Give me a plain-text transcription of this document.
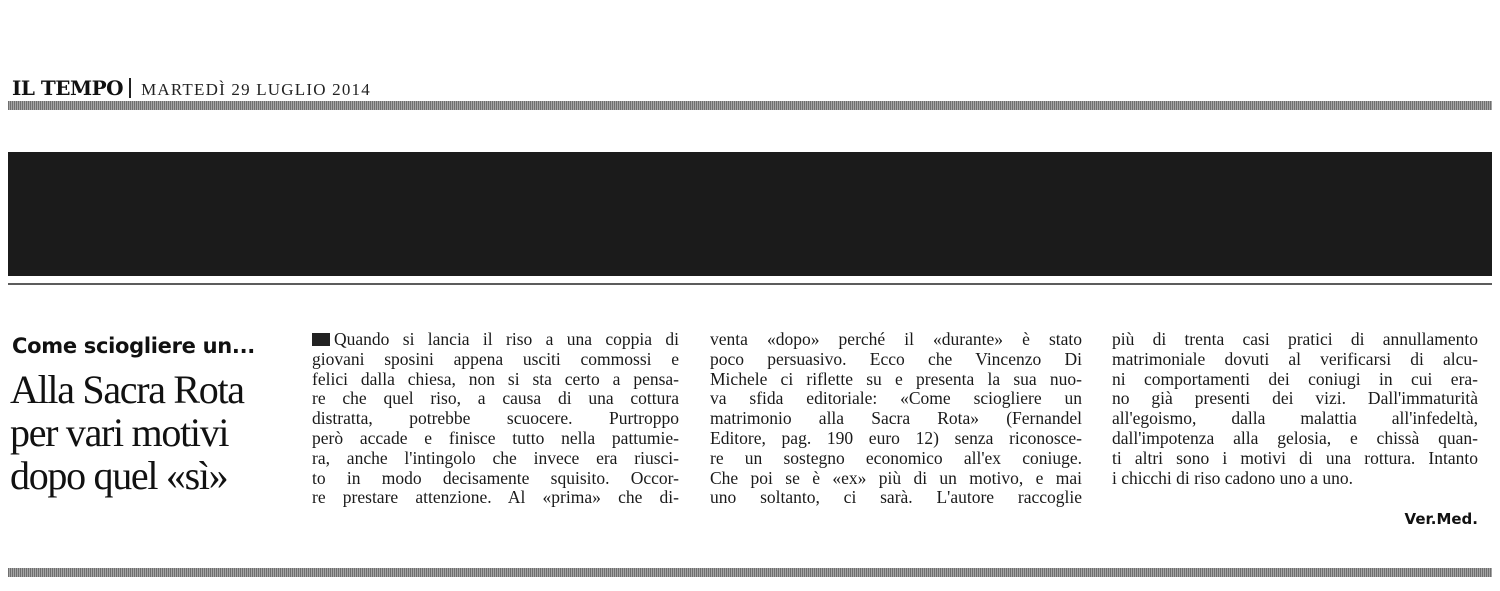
IL TEMPO MARTEDÌ 29 LUGLIO 2014
Come sciogliere un...
Alla Sacra Rota
per vari motivi
dopo quel «sì»
Quando si lancia il riso a una coppia di
giovani sposini appena usciti commossi e
felici dalla chiesa, non si sta certo a pensa-
re che quel riso, a causa di una cottura
distratta, potrebbe scuocere. Purtroppo
però accade e finisce tutto nella pattumie-
ra, anche l'intingolo che invece era riusci-
to in modo decisamente squisito. Occor-
re prestare attenzione. Al «prima» che di-
venta «dopo» perché il «durante» è stato
poco persuasivo. Ecco che Vincenzo Di
Michele ci riflette su e presenta la sua nuo-
va sfida editoriale: «Come sciogliere un
matrimonio alla Sacra Rota» (Fernandel
Editore, pag. 190 euro 12) senza riconosce-
re un sostegno economico all'ex coniuge.
Che poi se è «ex» più di un motivo, e mai
uno soltanto, ci sarà. L'autore raccoglie
più di trenta casi pratici di annullamento
matrimoniale dovuti al verificarsi di alcu-
ni comportamenti dei coniugi in cui era-
no già presenti dei vizi. Dall'immaturità
all'egoismo, dalla malattia all'infedeltà,
dall'impotenza alla gelosia, e chissà quan-
ti altri sono i motivi di una rottura. Intanto
i chicchi di riso cadono uno a uno.
Ver.Med.
